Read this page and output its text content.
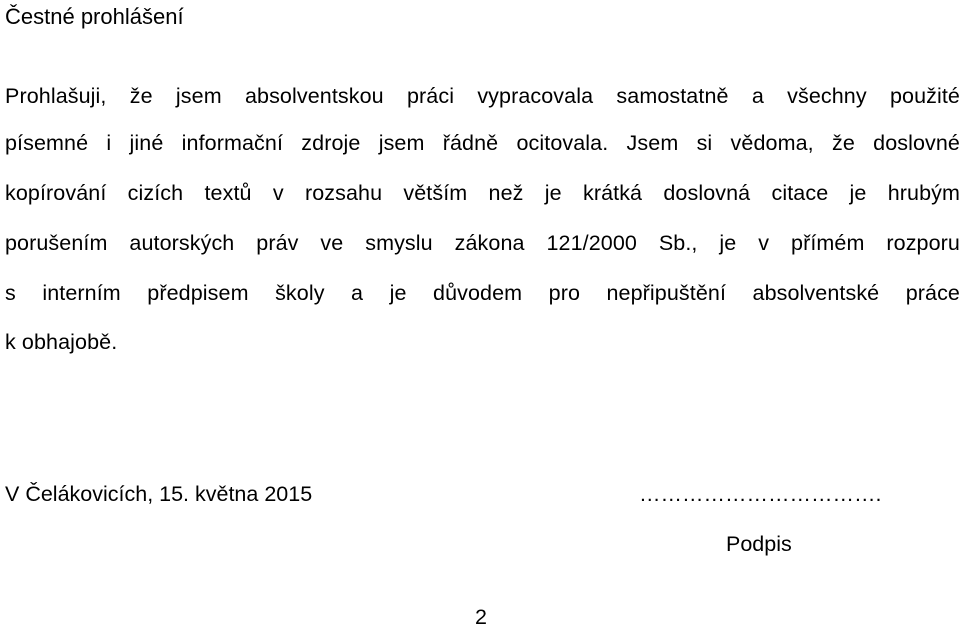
Čestné prohlášení
Prohlašuji, že jsem absolventskou práci vypracovala samostatně a všechny použité
písemné i jiné informační zdroje jsem řádně ocitovala. Jsem si vědoma, že doslovné
kopírování cizích textů v rozsahu větším než je krátká doslovná citace je hrubým
porušením autorských práv ve smyslu zákona 121/2000 Sb., je v přímém rozporu
s interním předpisem školy a je důvodem pro nepřipuštění absolventské práce
k obhajobě.
V Čelákovicích, 15. května 2015	…………………………….
Podpis
2
